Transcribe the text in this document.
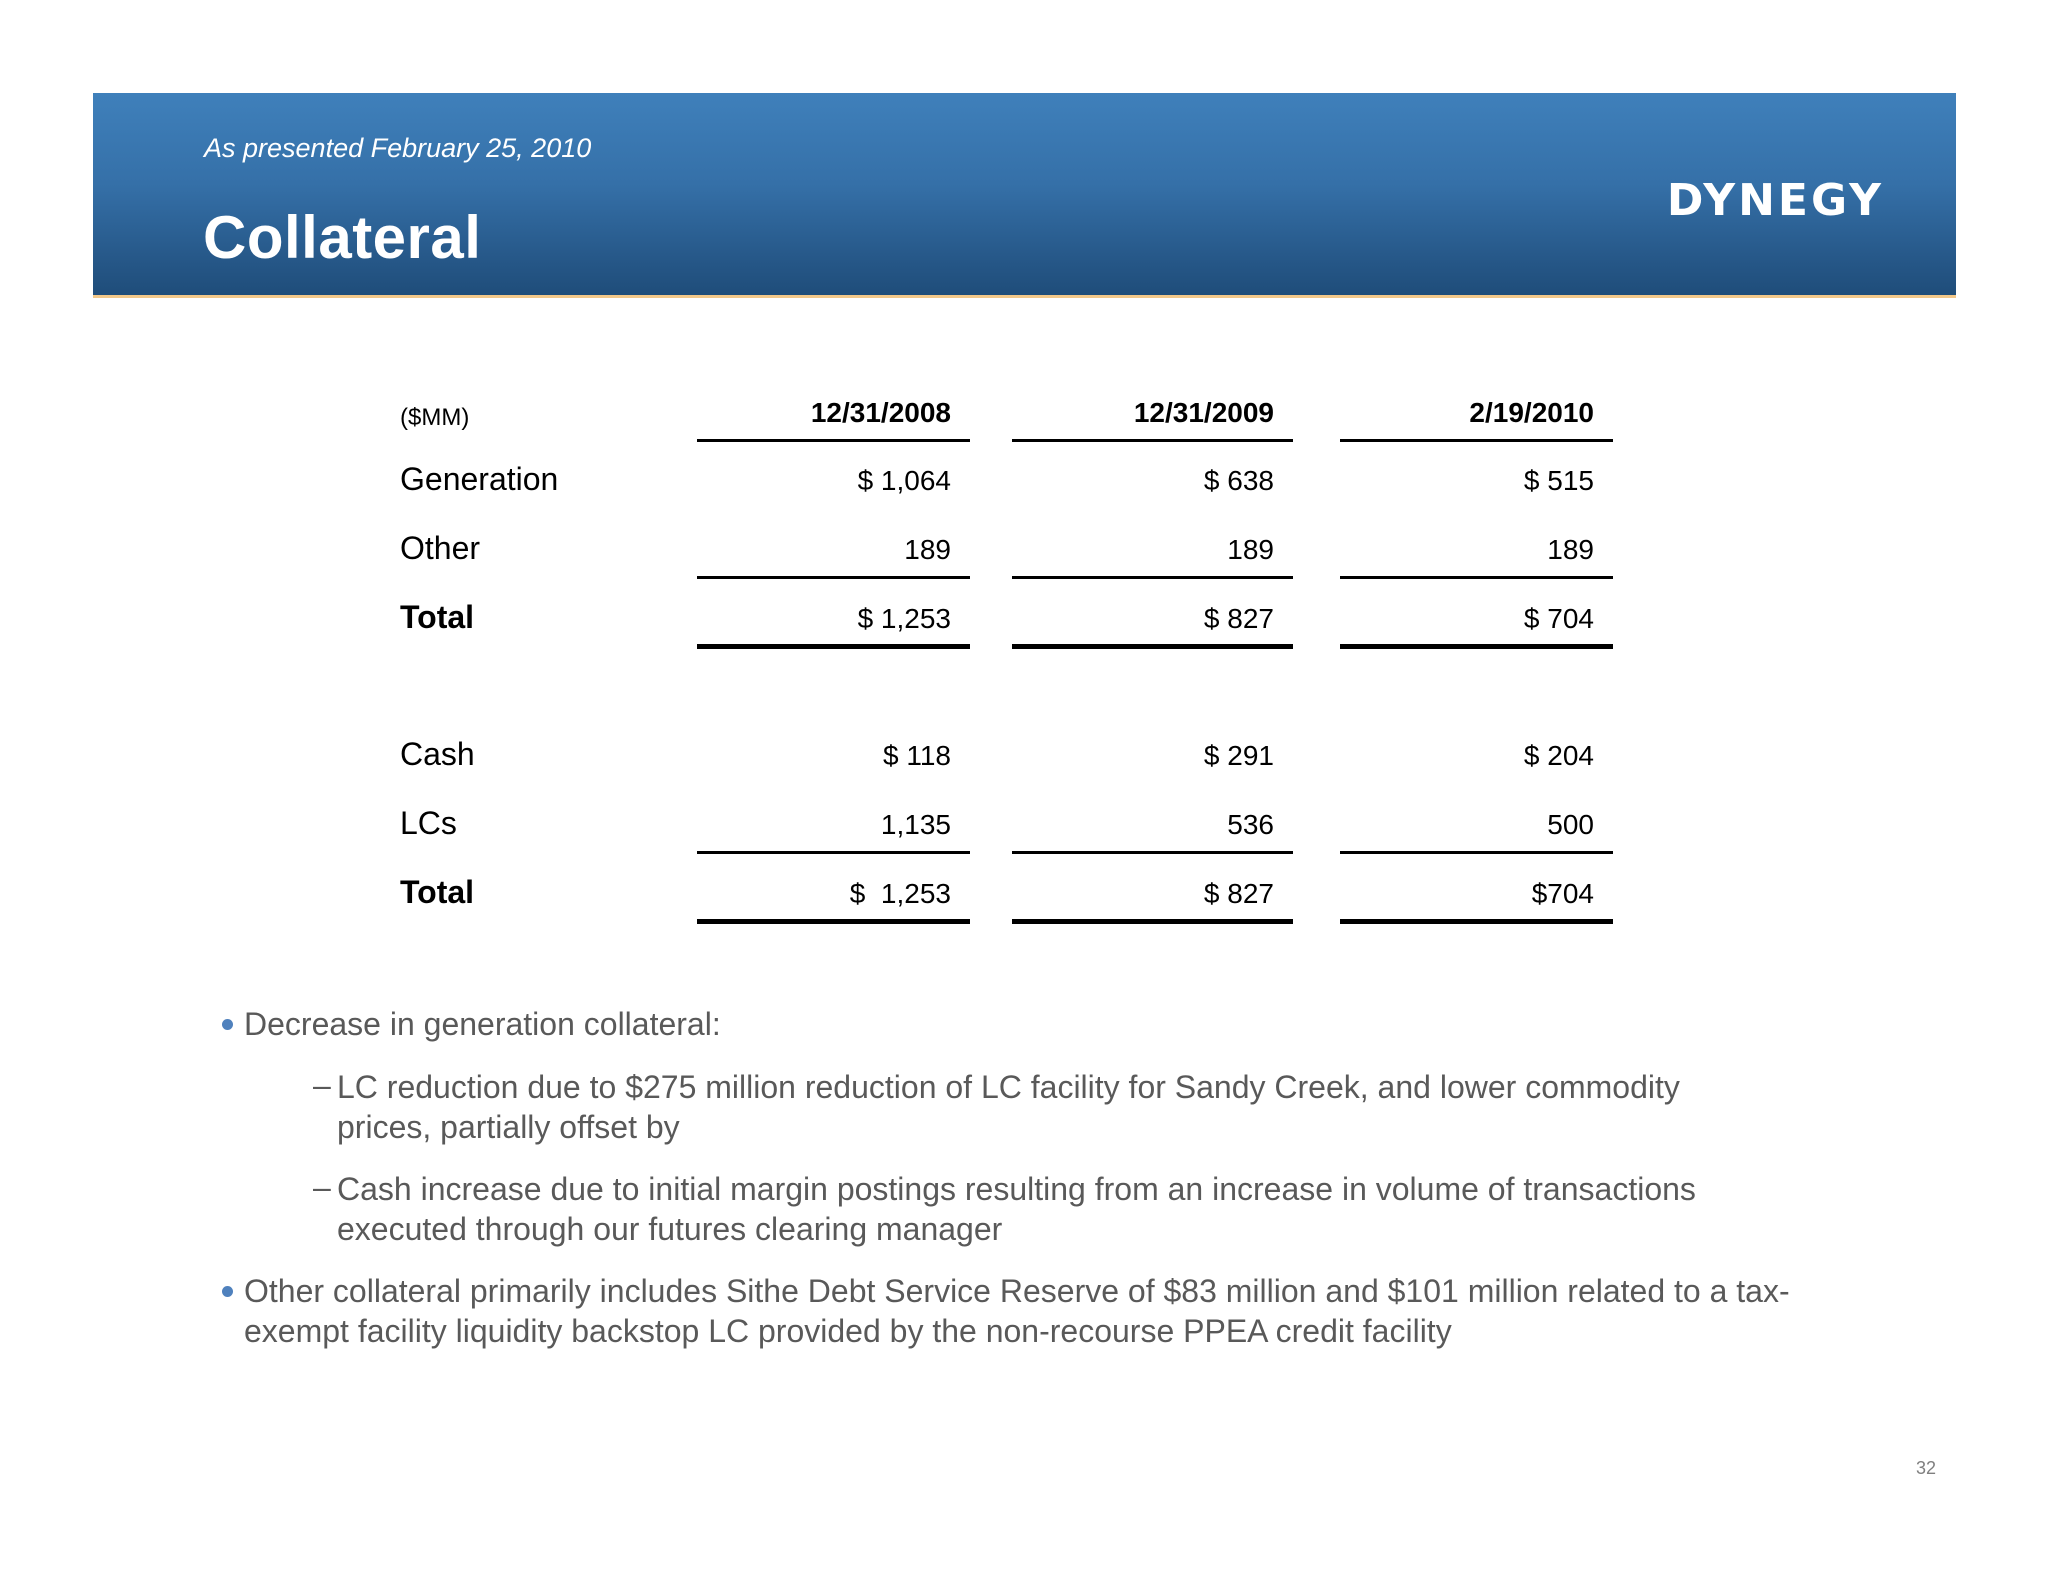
As presented February 25, 2010
Collateral
DYNEGY
($MM)	12/31/2008	12/31/2009	2/19/2010
Generation	$ 1,064	$ 638	$ 515
Other	189	189	189
Total	$ 1,253	$ 827	$ 704
Cash	$ 118	$ 291	$ 204
LCs	1,135	536	500
Total	$  1,253	$ 827	$704
Decrease in generation collateral:
– LC reduction due to $275 million reduction of LC facility for Sandy Creek, and lower commodity prices, partially offset by
– Cash increase due to initial margin postings resulting from an increase in volume of transactions executed through our futures clearing manager
Other collateral primarily includes Sithe Debt Service Reserve of $83 million and $101 million related to a tax-exempt facility liquidity backstop LC provided by the non-recourse PPEA credit facility
32
